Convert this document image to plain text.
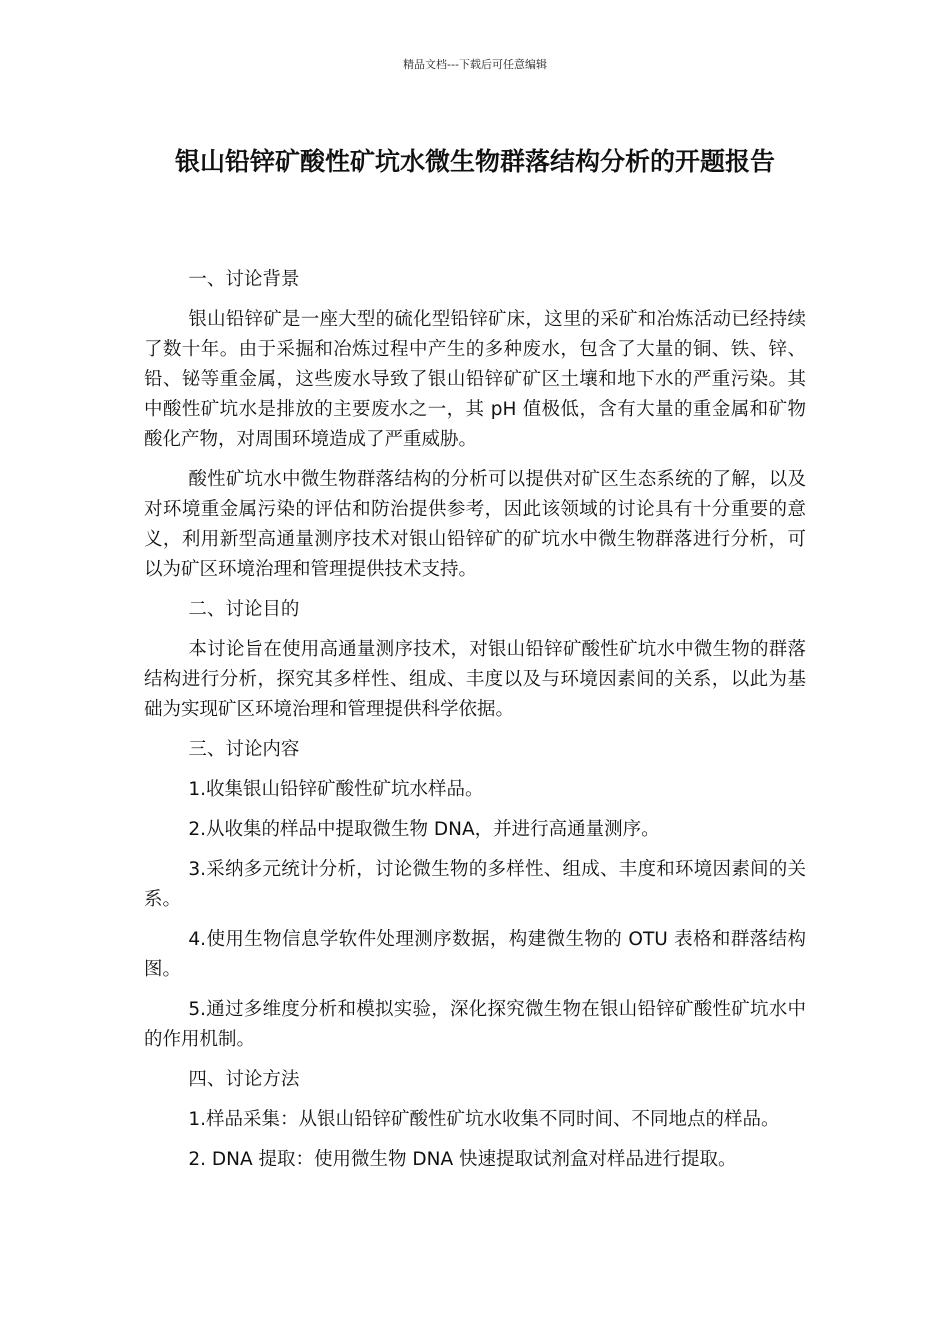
精品文档---下载后可任意编辑
银山铅锌矿酸性矿坑水微生物群落结构分析的开题报告

一、讨论背景

银山铅锌矿是一座大型的硫化型铅锌矿床，这里的采矿和冶炼活动已经持续了数十年。由于采掘和冶炼过程中产生的多种废水，包含了大量的铜、铁、锌、铅、铋等重金属，这些废水导致了银山铅锌矿矿区土壤和地下水的严重污染。其中酸性矿坑水是排放的主要废水之一，其 pH 值极低，含有大量的重金属和矿物酸化产物，对周围环境造成了严重威胁。

酸性矿坑水中微生物群落结构的分析可以提供对矿区生态系统的了解，以及对环境重金属污染的评估和防治提供参考，因此该领域的讨论具有十分重要的意义，利用新型高通量测序技术对银山铅锌矿的矿坑水中微生物群落进行分析，可以为矿区环境治理和管理提供技术支持。

二、讨论目的

本讨论旨在使用高通量测序技术，对银山铅锌矿酸性矿坑水中微生物的群落结构进行分析，探究其多样性、组成、丰度以及与环境因素间的关系，以此为基础为实现矿区环境治理和管理提供科学依据。

三、讨论内容

1.收集银山铅锌矿酸性矿坑水样品。

2.从收集的样品中提取微生物 DNA，并进行高通量测序。

3.采纳多元统计分析，讨论微生物的多样性、组成、丰度和环境因素间的关系。

4.使用生物信息学软件处理测序数据，构建微生物的 OTU 表格和群落结构图。

5.通过多维度分析和模拟实验，深化探究微生物在银山铅锌矿酸性矿坑水中的作用机制。

四、讨论方法

1.样品采集：从银山铅锌矿酸性矿坑水收集不同时间、不同地点的样品。

2. DNA 提取：使用微生物 DNA 快速提取试剂盒对样品进行提取。
